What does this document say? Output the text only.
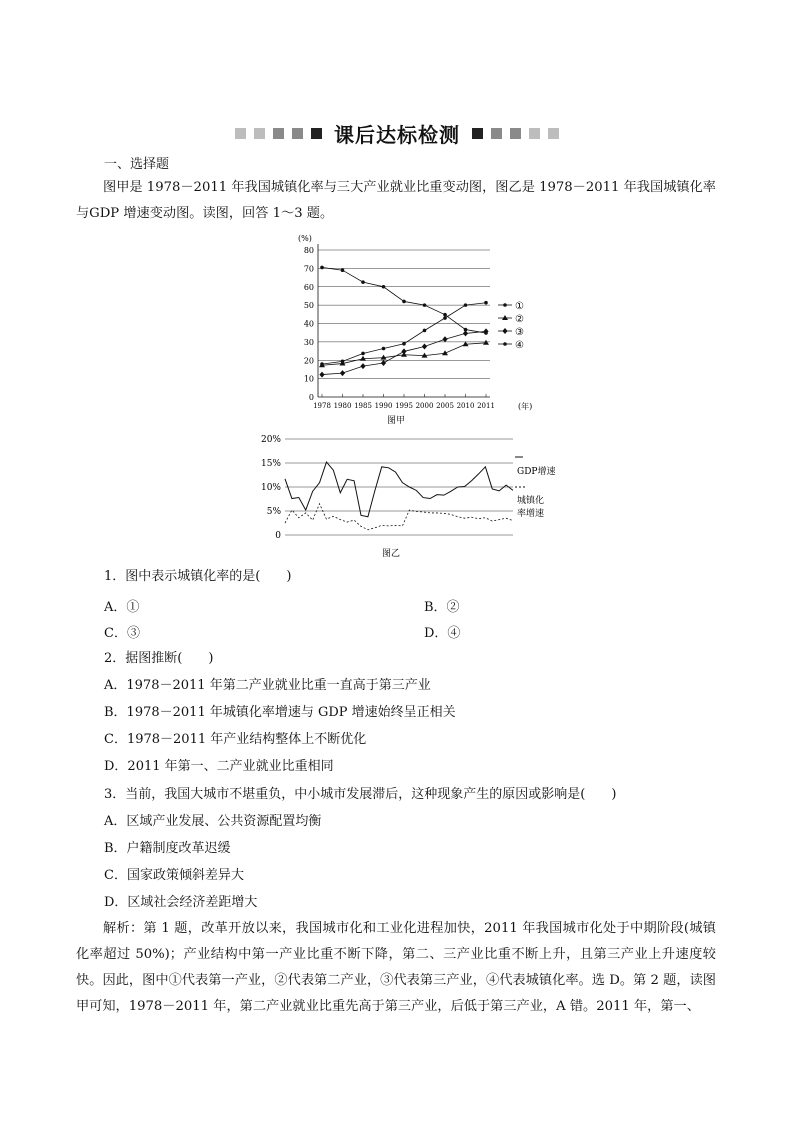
课后达标检测
一、选择题
图甲是 1978－2011 年我国城镇化率与三大产业就业比重变动图，图乙是 1978－2011 年我国城镇化率与GDP 增速变动图。读图，回答 1～3 题。
0
10
20
30
40
50
60
70
80
1978 1980 1985 1990 1995 2000 2005 2010 2011
①
②
③
④
(%)
(年)
图甲
0
5%
10%
15%
20%
GDP增速
城镇化
率增速
图乙
1．图中表示城镇化率的是(　　)
A．①	B．②
C．③	D．④
2．据图推断(　　)
A．1978－2011 年第二产业就业比重一直高于第三产业
B．1978－2011 年城镇化率增速与 GDP 增速始终呈正相关
C．1978－2011 年产业结构整体上不断优化
D．2011 年第一、二产业就业比重相同
3．当前，我国大城市不堪重负，中小城市发展滞后，这种现象产生的原因或影响是(　　)
A．区域产业发展、公共资源配置均衡
B．户籍制度改革迟缓
C．国家政策倾斜差异大
D．区域社会经济差距增大
解析：第 1 题，改革开放以来，我国城市化和工业化进程加快，2011 年我国城市化处于中期阶段(城镇化率超过 50%)；产业结构中第一产业比重不断下降，第二、三产业比重不断上升，且第三产业上升速度较快。因此，图中①代表第一产业，②代表第二产业，③代表第三产业，④代表城镇化率。选 D。第 2 题，读图甲可知，1978－2011 年，第二产业就业比重先高于第三产业，后低于第三产业，A 错。2011 年，第一、
